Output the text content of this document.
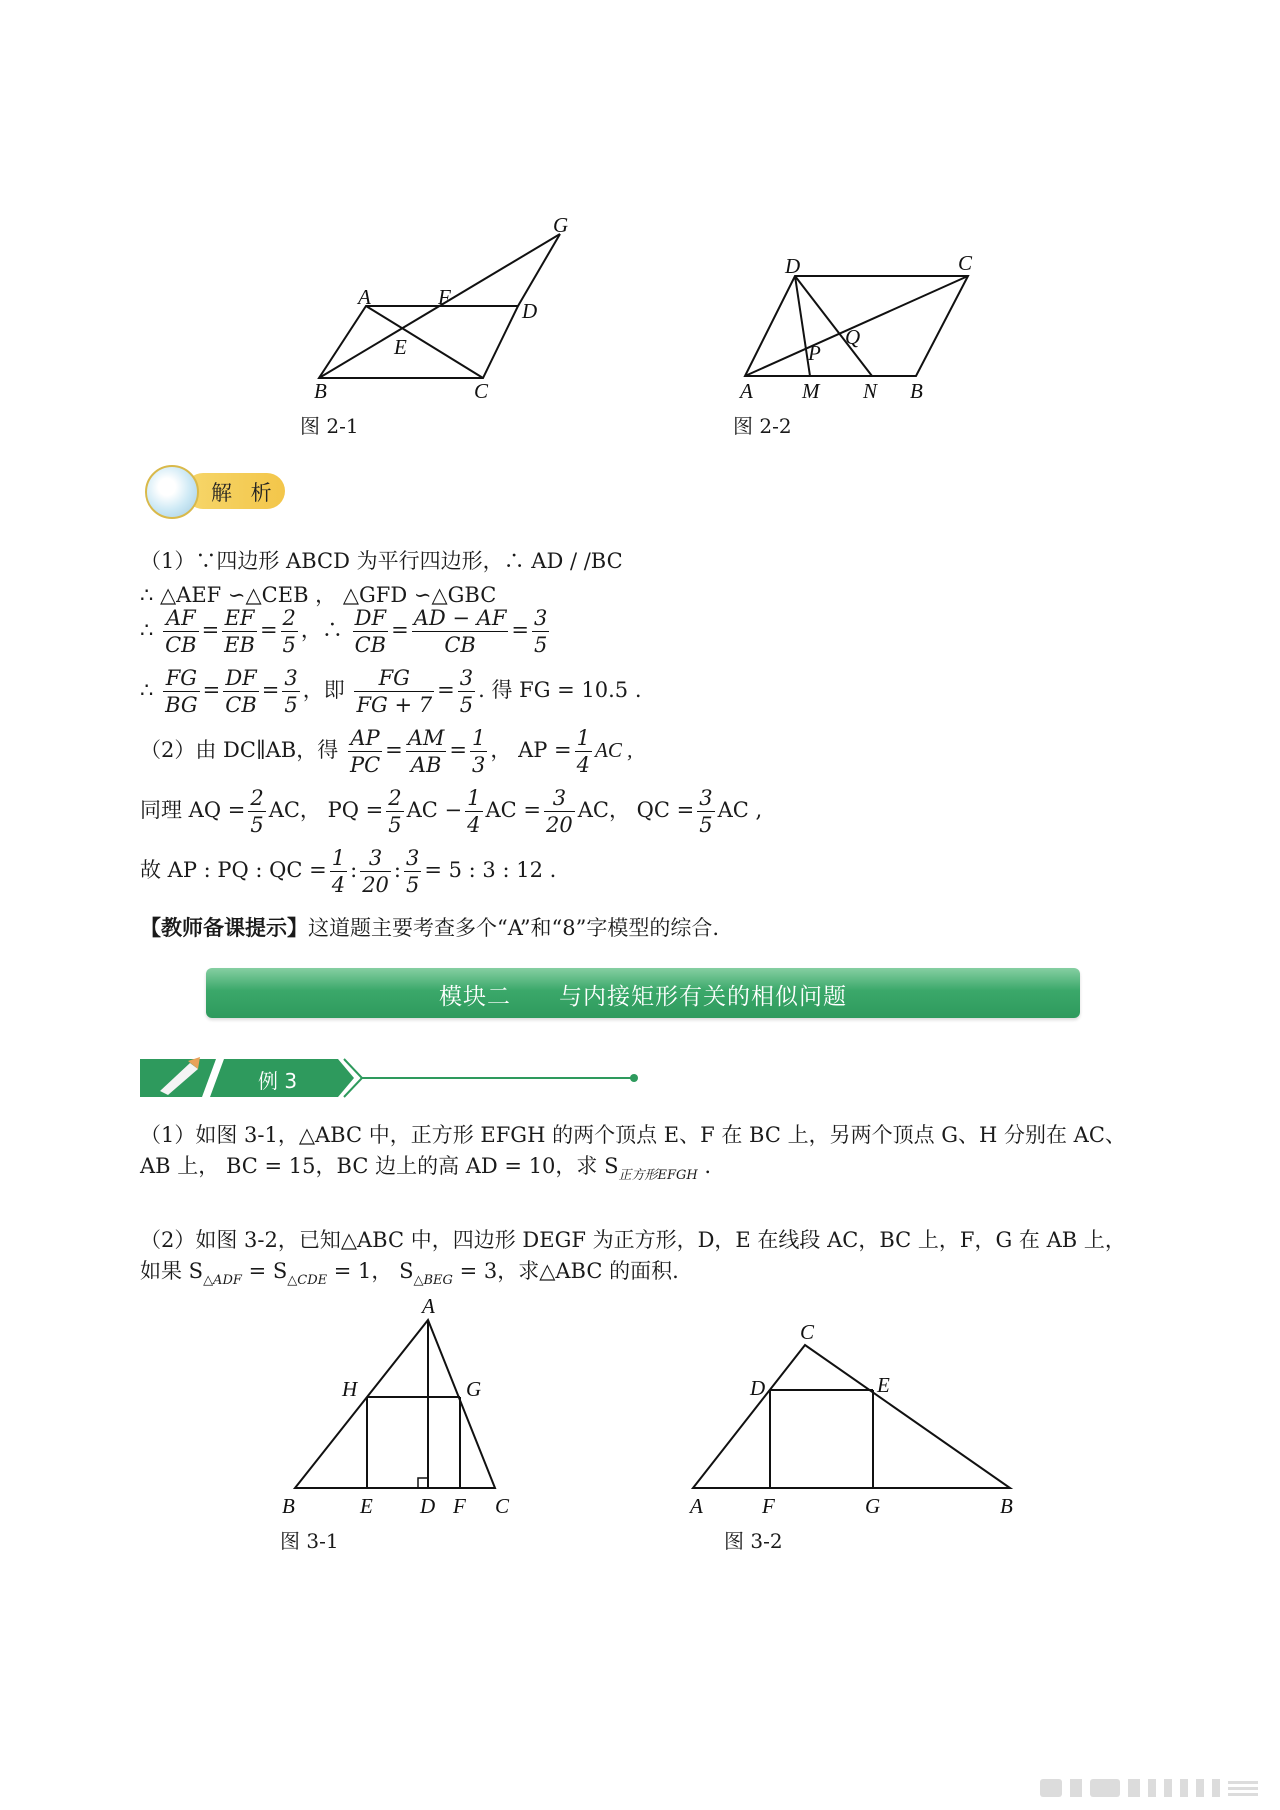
A	F
D
G
E
B	C
图 2-1
D	C
P
Q
A M N B
图 2-2
解 析
（1）∵四边形 ABCD 为平行四边形，∴ AD / /BC
∴ △AEF ∽△CEB ， △GFD ∽△GBC
∴ $\frac{AF}{CB} = \frac{EF}{EB} = \frac{2}{5}$ ，∴ $\frac{DF}{CB} = \frac{AD - AF}{CB} = \frac{3}{5}$
∴ $\frac{FG}{BG} = \frac{DF}{CB} = \frac{3}{5}$ ，即 $\frac{FG}{FG + 7} = \frac{3}{5}$ . 得 FG = 10.5 .
（2）由 DC∥AB，得 $\frac{AP}{PC} = \frac{AM}{AB} = \frac{1}{3}$ ， AP = $\frac{1}{4}$ AC ,
同理 AQ = $\frac{2}{5}$ AC， PQ = $\frac{2}{5}$ AC − $\frac{1}{4}$ AC = $\frac{3}{20}$ AC， QC = $\frac{3}{5}$ AC ,
故 AP : PQ : QC = $\frac{1}{4}$ : $\frac{3}{20}$ : $\frac{3}{5} = 5$ : 3 : 12 .
【教师备课提示】这道题主要考查多个“A”和“8”字模型的综合.
模块二　　与内接矩形有关的相似问题
例 3
（1）如图 3-1，△ABC 中，正方形 EFGH 的两个顶点 E、F 在 BC 上，另两个顶点 G、H 分别在 AC、
AB 上， BC = 15，BC 边上的高 AD = 10，求 $S_{正方形EFGH}$ .
（2）如图 3-2，已知△ABC 中，四边形 DEGF 为正方形，D，E 在线段 AC，BC 上，F，G 在 AB 上，
如果 $S_{\triangle ADF} = S_{\triangle CDE} = 1$， $S_{\triangle BEG} = 3$，求△ABC 的面积.
A
H	G
B	E D F C
图 3-1
C
D	E
A	F	G	B
图 3-2
